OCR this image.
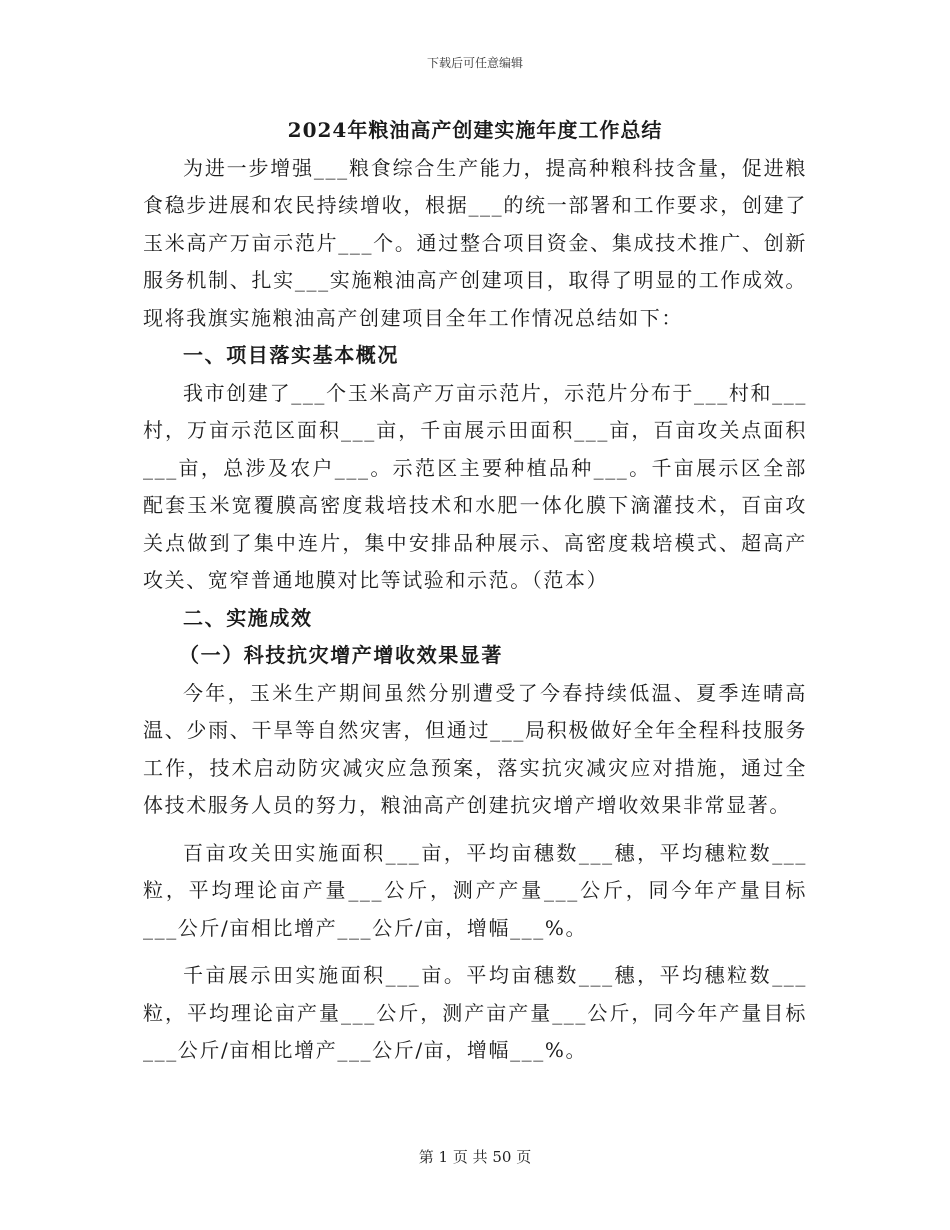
下载后可任意编辑
2024年粮油高产创建实施年度工作总结

为进一步增强___粮食综合生产能力，提高种粮科技含量，促进粮食稳步进展和农民持续增收，根据___的统一部署和工作要求，创建了玉米高产万亩示范片___个。通过整合项目资金、集成技术推广、创新服务机制、扎实___实施粮油高产创建项目，取得了明显的工作成效。现将我旗实施粮油高产创建项目全年工作情况总结如下：

一、项目落实基本概况

我市创建了___个玉米高产万亩示范片，示范片分布于___村和___村，万亩示范区面积___亩，千亩展示田面积___亩，百亩攻关点面积___亩，总涉及农户___。示范区主要种植品种___。千亩展示区全部配套玉米宽覆膜高密度栽培技术和水肥一体化膜下滴灌技术，百亩攻关点做到了集中连片，集中安排品种展示、高密度栽培模式、超高产攻关、宽窄普通地膜对比等试验和示范。（范本）

二、实施成效
（一）科技抗灾增产增收效果显著

今年，玉米生产期间虽然分别遭受了今春持续低温、夏季连晴高温、少雨、干旱等自然灾害，但通过___局积极做好全年全程科技服务工作，技术启动防灾减灾应急预案，落实抗灾减灾应对措施，通过全体技术服务人员的努力，粮油高产创建抗灾增产增收效果非常显著。

百亩攻关田实施面积___亩，平均亩穗数___穗，平均穗粒数___粒，平均理论亩产量___公斤，测产产量___公斤，同今年产量目标___公斤/亩相比增产___公斤/亩，增幅___%。

千亩展示田实施面积___亩。平均亩穗数___穗，平均穗粒数___粒，平均理论亩产量___公斤，测产亩产量___公斤，同今年产量目标___公斤/亩相比增产___公斤/亩，增幅___%。

第 1 页 共 50 页
